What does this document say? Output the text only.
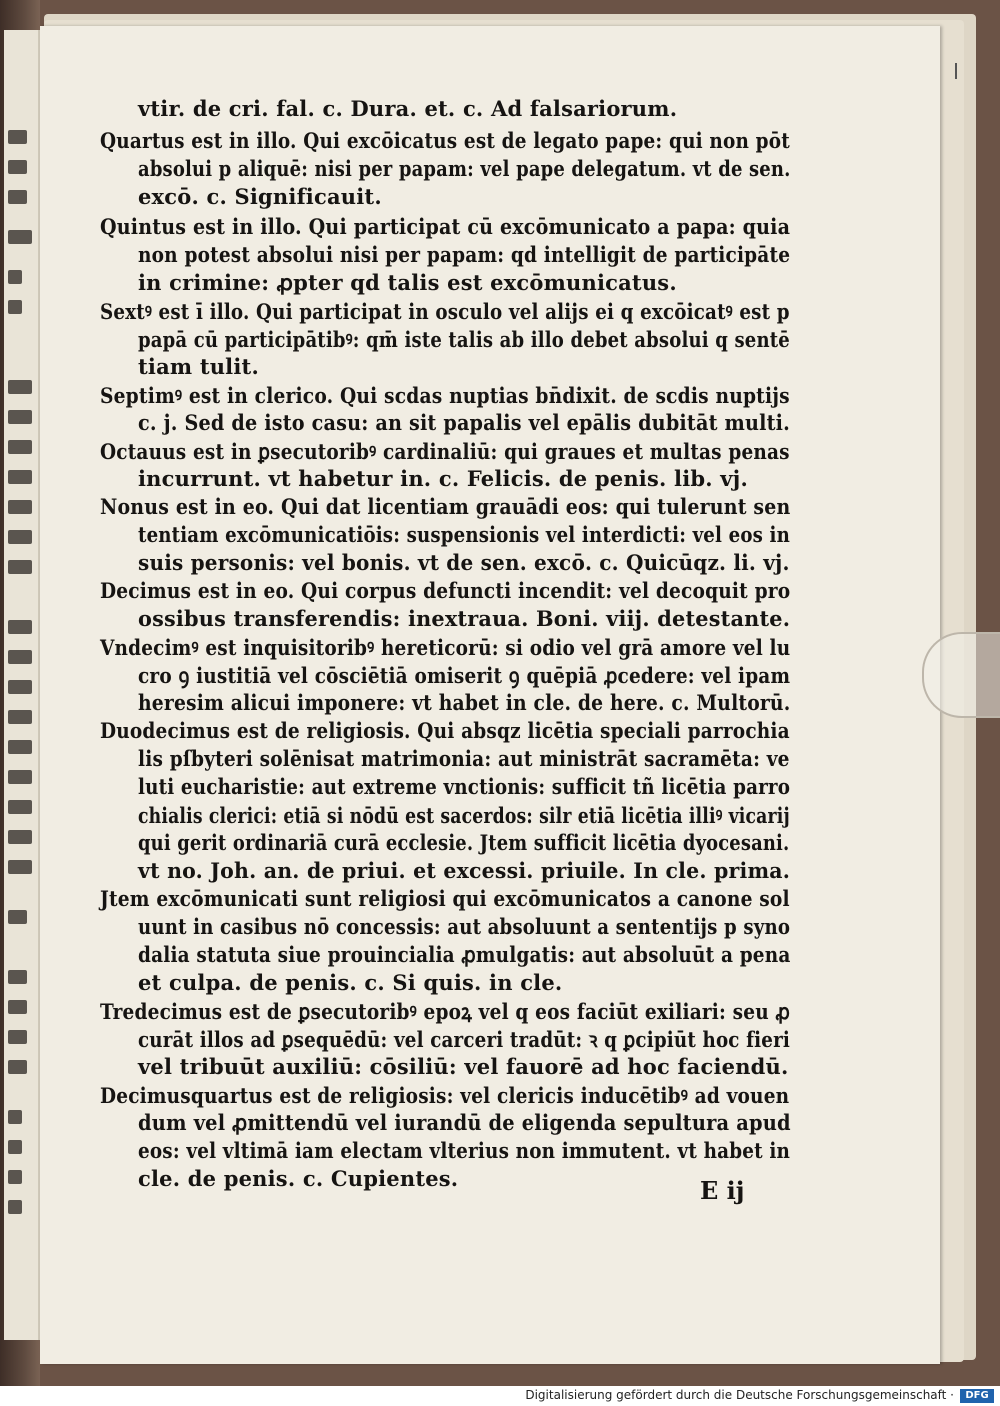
vtir. de cri. fal. c. Dura. et. c. Ad falsariorum.
Quartus est in illo. Qui excōicatus est de legato pape: qui non pōt
absolui p aliquē: nisi per papam: vel pape delegatum. vt de sen.
excō. c. Significauit.
Quintus est in illo. Qui participat cū excōmunicato a papa: quia
non potest absolui nisi per papam: qd intelligit de participāte
in crimine: ꝓpter qd talis est excōmunicatus.
Sextꝰ est ī illo. Qui participat in osculo vel alijs ei q excōicatꝰ est p
papā cū participātibꝰ: qm̄ iste talis ab illo debet absolui q sentē
tiam tulit.
Septimꝰ est in clerico. Qui scdas nuptias bn̄dixit. de scdis nuptijs
c. j. Sed de isto casu: an sit papalis vel epālis dubitāt multi.
Octauus est in ꝑsecutoribꝰ cardinaliū: qui graues et multas penas
incurrunt. vt habetur in. c. Felicis. de penis. lib. vj.
Nonus est in eo. Qui dat licentiam grauādi eos: qui tulerunt sen
tentiam excōmunicatiōis: suspensionis vel interdicti: vel eos in
suis personis: vel bonis. vt de sen. excō. c. Quicūqz. li. vj.
Decimus est in eo. Qui corpus defuncti incendit: vel decoquit pro
ossibus transferendis: inextraua. Boni. viij. detestante.
Vndecimꝰ est inquisitoribꝰ hereticorū: si odio vel grā amore vel lu
cro ꝯ iustitiā vel cōsciētiā omiserit ꝯ quēpiā ꝓcedere: vel ipam
heresim alicui imponere: vt habet in cle. de here. c. Multorū.
Duodecimus est de religiosis. Qui absqz licētia speciali parrochia
lis pſbyteri solēnisat matrimonia: aut ministrāt sacramēta: ve
luti eucharistie: aut extreme vnctionis: sufficit tñ licētia parro
chialis clerici: etiā si nōdū est sacerdos: silr etiā licētia illiꝰ vicarij
qui gerit ordinariā curā ecclesie. Jtem sufficit licētia dyocesani.
vt no. Joh. an. de priui. et excessi. priuile. In cle. prima.
Jtem excōmunicati sunt religiosi qui excōmunicatos a canone sol
uunt in casibus nō concessis: aut absoluunt a sententijs p syno
dalia statuta siue prouincialia ꝓmulgatis: aut absoluūt a pena
et culpa. de penis. c. Si quis. in cle.
Tredecimus est de ꝑsecutoribꝰ epoꝝ vel q eos faciūt exiliari: seu ꝓ
curāt illos ad ꝑsequēdū: vel carceri tradūt: ꝛ q ꝑcipiūt hoc fieri
vel tribuūt auxiliū: cōsiliū: vel fauorē ad hoc faciendū.
Decimusquartus est de religiosis: vel clericis inducētibꝰ ad vouen
dum vel ꝓmittendū vel iurandū de eligenda sepultura apud
eos: vel vltimā iam electam vlterius non immutent. vt habet in
cle. de penis. c. Cupientes.	E ij
Digitalisierung gefördert durch die Deutsche Forschungsgemeinschaft ·	DFG
